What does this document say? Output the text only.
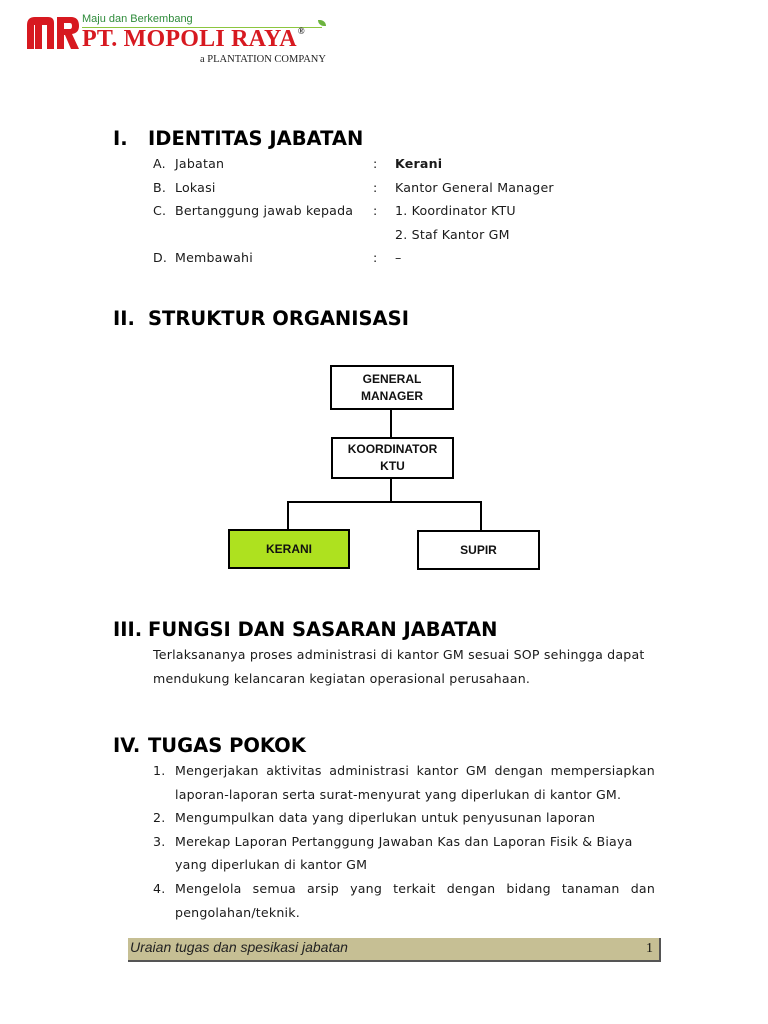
Maju dan Berkembang
PT. MOPOLI RAYA®
a PLANTATION COMPANY
I. IDENTITAS JABATAN
A. Jabatan	: Kerani
B. Lokasi	: Kantor General Manager
C. Bertanggung jawab kepada : 1. Koordinator KTU
2. Staf Kantor GM
D. Membawahi	: –
II. STRUKTUR ORGANISASI
GENERAL
MANAGER
KOORDINATOR
KTU
KERANI	SUPIR
III. FUNGSI DAN SASARAN JABATAN
Terlaksananya proses administrasi di kantor GM sesuai SOP sehingga dapat
mendukung kelancaran kegiatan operasional perusahaan.
IV. TUGAS POKOK
1. Mengerjakan aktivitas administrasi kantor GM dengan mempersiapkan
laporan-laporan serta surat-menyurat yang diperlukan di kantor GM.
2. Mengumpulkan data yang diperlukan untuk penyusunan laporan
3. Merekap Laporan Pertanggung Jawaban Kas dan Laporan Fisik & Biaya
yang diperlukan di kantor GM
4. Mengelola semua arsip yang terkait dengan bidang tanaman dan
pengolahan/teknik.
Uraian tugas dan spesikasi jabatan	1
